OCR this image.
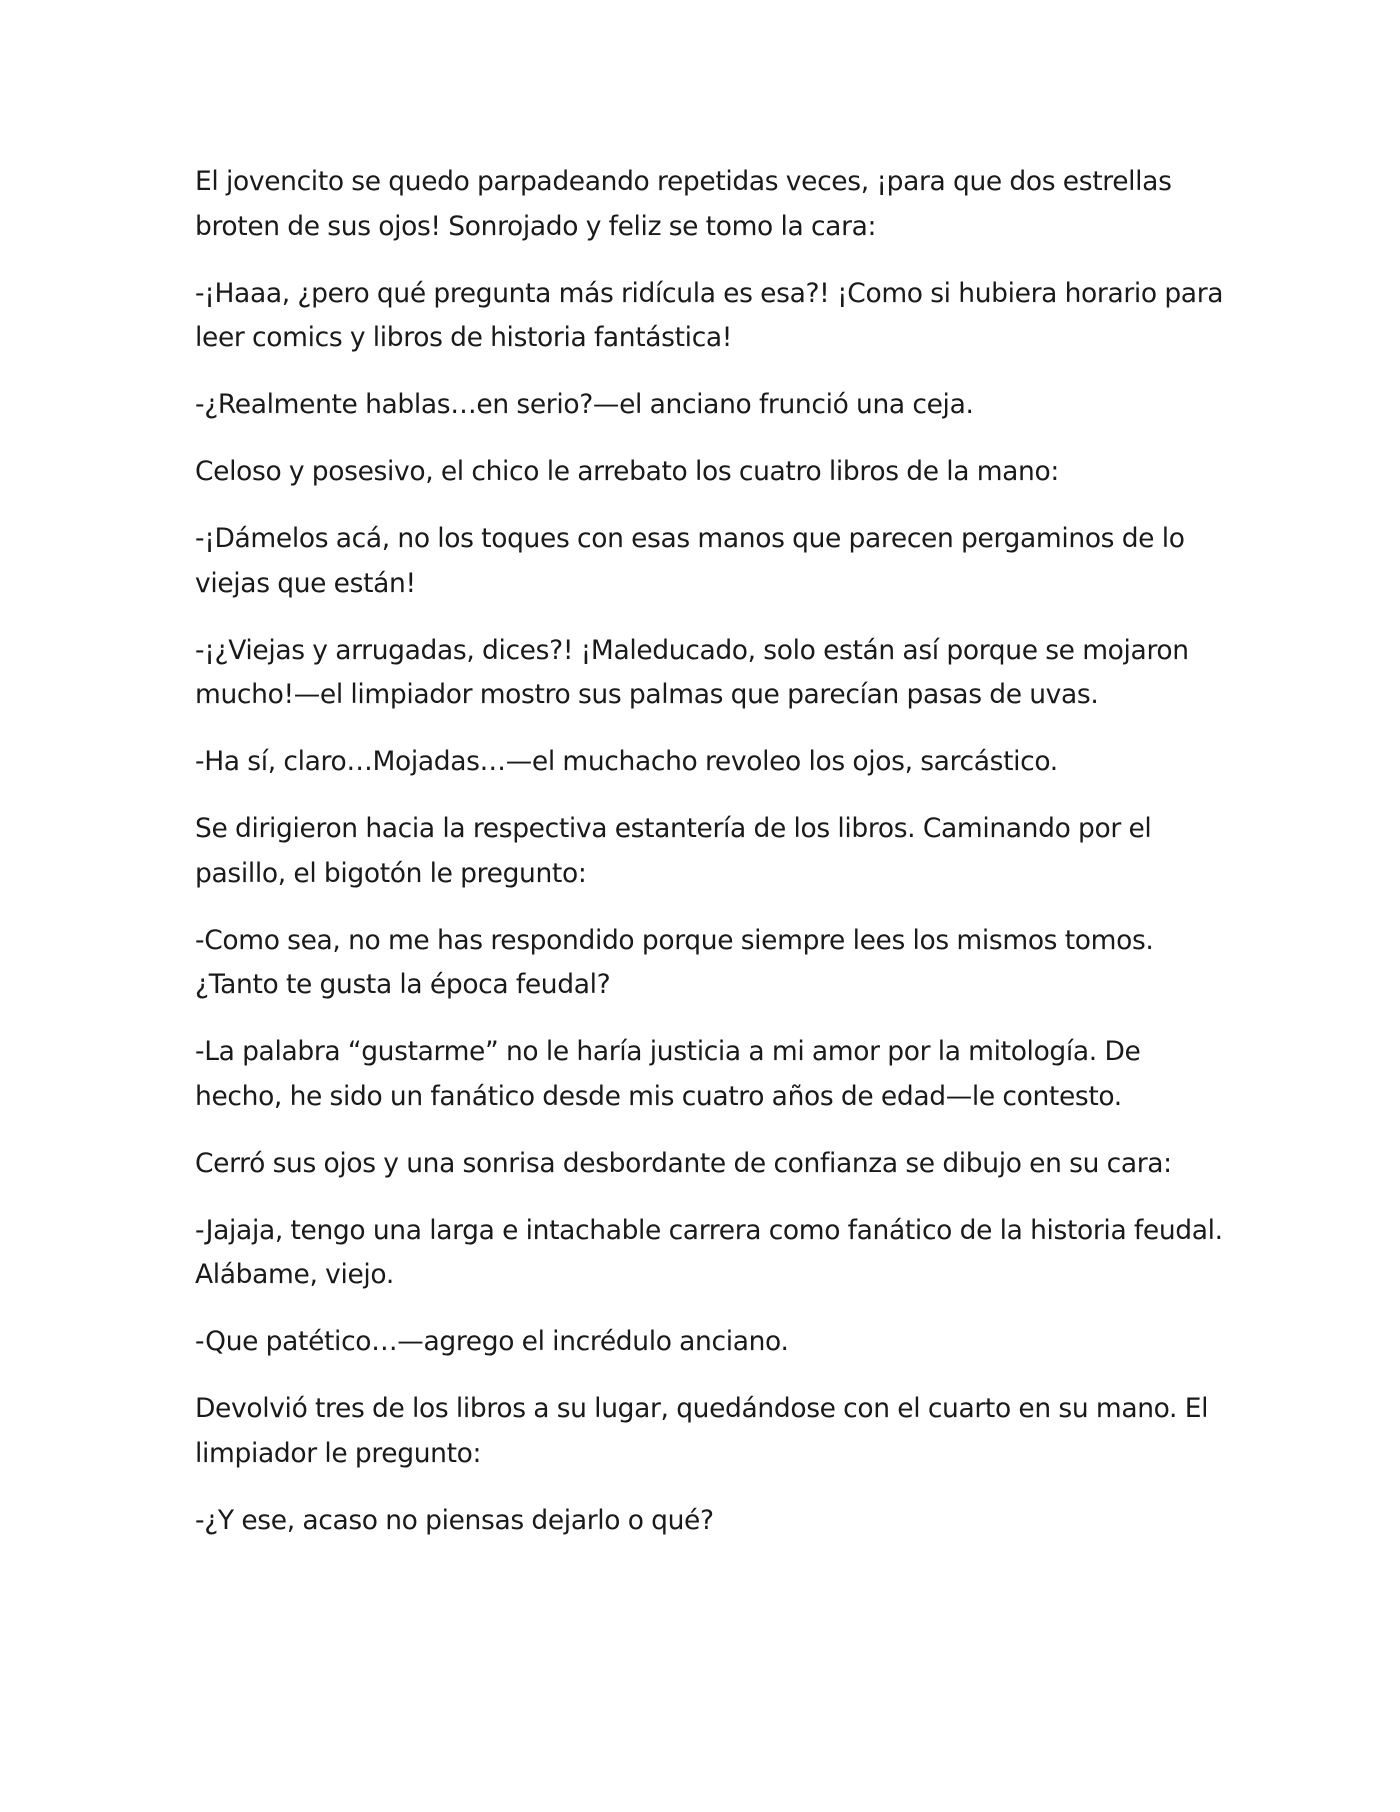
El jovencito se quedo parpadeando repetidas veces, ¡para que dos estrellas broten de sus ojos! Sonrojado y feliz se tomo la cara:

-¡Haaa, ¿pero qué pregunta más ridícula es esa?! ¡Como si hubiera horario para leer comics y libros de historia fantástica!

-¿Realmente hablas…en serio?—el anciano frunció una ceja.

Celoso y posesivo, el chico le arrebato los cuatro libros de la mano:

-¡Dámelos acá, no los toques con esas manos que parecen pergaminos de lo viejas que están!

-¡¿Viejas y arrugadas, dices?! ¡Maleducado, solo están así porque se mojaron mucho!—el limpiador mostro sus palmas que parecían pasas de uvas.

-Ha sí, claro…Mojadas…—el muchacho revoleo los ojos, sarcástico.

Se dirigieron hacia la respectiva estantería de los libros. Caminando por el pasillo, el bigotón le pregunto:

-Como sea, no me has respondido porque siempre lees los mismos tomos. ¿Tanto te gusta la época feudal?

-La palabra “gustarme” no le haría justicia a mi amor por la mitología. De hecho, he sido un fanático desde mis cuatro años de edad—le contesto.

Cerró sus ojos y una sonrisa desbordante de confianza se dibujo en su cara:

-Jajaja, tengo una larga e intachable carrera como fanático de la historia feudal. Alábame, viejo.

-Que patético…—agrego el incrédulo anciano.

Devolvió tres de los libros a su lugar, quedándose con el cuarto en su mano. El limpiador le pregunto:

-¿Y ese, acaso no piensas dejarlo o qué?
